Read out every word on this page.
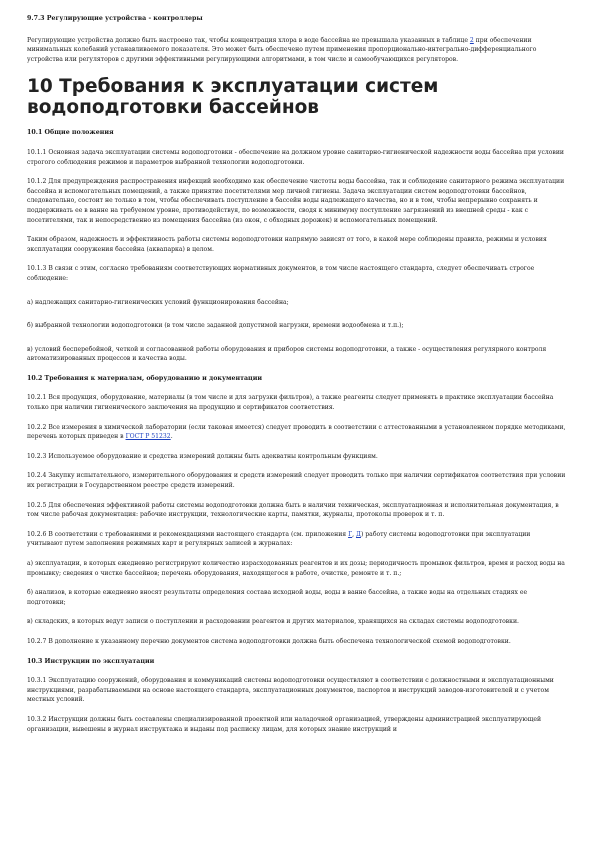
9.7.3 Регулирующие устройства - контроллеры

Регулирующие устройства должно быть настроено так, чтобы концентрация хлора в воде бассейна не превышала указанных в таблице 2 при обеспечении минимальных колебаний устанавливаемого показателя. Это может быть обеспечено путем применения пропорционально-интегрально-дифференциального устройства или регуляторов с другими эффективными регулирующими алгоритмами, в том числе и самообучающихся регуляторов.

10 Требования к эксплуатации систем водоподготовки бассейнов

10.1 Общие положения

10.1.1 Основная задача эксплуатации системы водоподготовки - обеспечение на должном уровне санитарно-гигиенической надежности воды бассейна при условии строгого соблюдения режимов и параметров выбранной технологии водоподготовки.

10.1.2 Для предупреждения распространения инфекций необходимо как обеспечение чистоты воды бассейна, так и соблюдение санитарного режима эксплуатации бассейна и вспомогательных помещений, а также принятие посетителями мер личной гигиены. Задача эксплуатации систем водоподготовки бассейнов, следовательно, состоит не только в том, чтобы обеспечивать поступление в бассейн воды надлежащего качества, но и в том, чтобы непрерывно сохранять и поддерживать ее в ванне на требуемом уровне, противодействуя, по возможности, сводя к минимуму поступление загрязнений из внешней среды - как с посетителями, так и непосредственно из помещения бассейна (из окон, с обходных дорожек) и вспомогательных помещений.

Таким образом, надежность и эффективность работы системы водоподготовки напрямую зависят от того, в какой мере соблюдены правила, режимы и условия эксплуатации сооружения бассейна (аквапарка) в целом.

10.1.3 В связи с этим, согласно требованиям соответствующих нормативных документов, в том числе настоящего стандарта, следует обеспечивать строгое соблюдение:

а) надлежащих санитарно-гигиенических условий функционирования бассейна;

б) выбранной технологии водоподготовки (в том числе заданной допустимой нагрузки, времени водообмена и т.п.);

в) условий бесперебойной, четкой и согласованной работы оборудования и приборов системы водоподготовки, а также - осуществления регулярного контроля автоматизированных процессов и качества воды.

10.2 Требования к материалам, оборудованию и документации

10.2.1 Вся продукция, оборудование, материалы (в том числе и для загрузки фильтров), а также реагенты следует применять в практике эксплуатации бассейна только при наличии гигиенического заключения на продукцию и сертификатов соответствия.

10.2.2 Все измерения в химической лаборатории (если таковая имеется) следует проводить в соответствии с аттестованными в установленном порядке методиками, перечень которых приведен в ГОСТ Р 51232.

10.2.3 Используемое оборудование и средства измерений должны быть адекватны контрольным функциям.

10.2.4 Закупку испытательного, измерительного оборудования и средств измерений следует проводить только при наличии сертификатов соответствия при условии их регистрации в Государственном реестре средств измерений.

10.2.5 Для обеспечения эффективной работы системы водоподготовки должна быть в наличии техническая, эксплуатационная и исполнительная документация, в том числе рабочая документация: рабочие инструкции, технологические карты, памятки, журналы, протоколы проверок и т. п.

10.2.6 В соответствии с требованиями и рекомендациями настоящего стандарта (см. приложения Г, Д) работу системы водоподготовки при эксплуатации учитывают путем заполнения режимных карт и регулярных записей в журналах:

а) эксплуатации, в которых ежедневно регистрируют количество израсходованных реагентов и их дозы; периодичность промывок фильтров, время и расход воды на промывку; сведения о чистке бассейнов; перечень оборудования, находящегося в работе, очистке, ремонте и т. п.;

б) анализов, в которые ежедневно вносят результаты определения состава исходной воды, воды в ванне бассейна, а также воды на отдельных стадиях ее подготовки;

в) складских, в которых ведут записи о поступлении и расходовании реагентов и других материалов, хранящихся на складах системы водоподготовки.

10.2.7 В дополнение к указанному перечню документов система водоподготовки должна быть обеспечена технологической схемой водоподготовки.

10.3 Инструкции по эксплуатации

10.3.1 Эксплуатацию сооружений, оборудования и коммуникаций системы водоподготовки осуществляют в соответствии с должностными и эксплуатационными инструкциями, разрабатываемыми на основе настоящего стандарта, эксплуатационных документов, паспортов и инструкций заводов-изготовителей и с учетом местных условий.

10.3.2 Инструкции должны быть составлены специализированной проектной или наладочной организацией, утверждены администрацией эксплуатирующей организации, вывешены в журнал инструктажа и выданы под расписку лицам, для которых знание инструкций и
